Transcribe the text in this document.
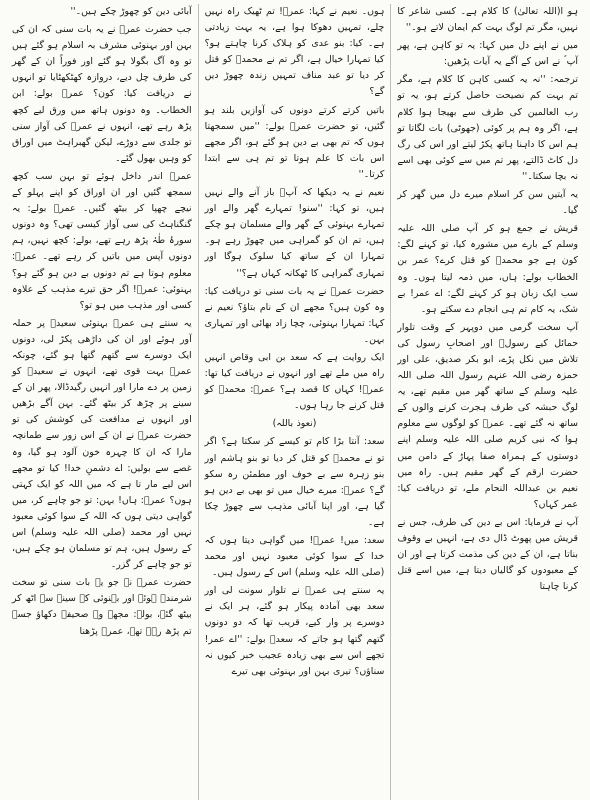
ہو ا(اللہ تعالیٰ) کا کلام ہے۔ کسی شاعر کا نہیں، مگر تم لوگ بہت کم ایمان لاتے ہو۔''

میں نے اپنے دل میں کہا: یہ تو کاہن ہے، پھر آپ ؐ نے اس کے آگے یہ آیات پڑھیں:

ترجمہ: ''نہ یہ کسی کاہن کا کلام ہے، مگر تم بہت کم نصیحت حاصل کرتے ہو، یہ تو رب العالمین کی طرف سے بھیجا ہوا کلام ہے، اگر وہ ہم پر کوئی (جھوٹی) بات لگاتا تو ہم اس کا داہنا ہاتھ پکڑ لیتے اور اس کی رگ دل کاٹ ڈالتے، پھر تم میں سے کوئی بھی اسے نہ بچا سکتا۔''

یہ آیتیں سن کر اسلام میرے دل میں گھر کر گیا۔

قریش نے جمع ہو کر آپ صلی اللہ علیہ وسلم کے بارے میں مشورہ کیا، تو کہنے لگے: کون ہے جو محمدؐ کو قتل کرے؟ عمر بن الخطاب بولے: ہاں، میں ذمہ لیتا ہوں۔ وہ سب ایک زبان ہو کر کہنے لگے: اے عمر! بے شک، یہ کام تم ہی انجام دے سکتے ہو۔

آپ سخت گرمی میں دوپہر کے وقت تلوار حمائل کیے رسولؐ اور اصحابِ رسول کی تلاش میں نکل پڑے، ابو بکر صدیق، علی اور حمزہ رضی اللہ عنہم رسول اللہ صلی اللہ علیہ وسلم کے ساتھ گھر میں مقیم تھے، یہ لوگ حبشہ کی طرف ہجرت کرنے والوں کے ساتھ نہ گئے تھے۔ عمرؓ کو لوگوں سے معلوم ہوا کہ نبی کریم صلی اللہ علیہ وسلم اپنے دوستوں کے ہمراہ صفا پہاڑ کے دامن میں حضرت ارقم کے گھر مقیم ہیں۔ راہ میں نعیم بن عبداللہ النحام ملے، تو دریافت کیا: عمر کہاں؟

آپ نے فرمایا: اس بے دین کی طرف، جس نے قریش میں پھوٹ ڈال دی ہے، انہیں بے وقوف بناتا ہے، ان کے دین کی مذمت کرتا ہے اور ان کے معبودوں کو گالیاں دیتا ہے، میں اسے قتل کرنا چاہتا

ہوں۔ نعیم نے کہا: عمرؓ! تم ٹھیک راہ نہیں چلے، تمہیں دھوکا ہوا ہے، یہ بہت زیادتی ہے۔ کیا: بنو عدی کو ہلاک کرنا چاہتے ہو؟ کیا تمہارا خیال ہے، اگر تم نے محمدؐ کو قتل کر دیا تو عبد مناف تمہیں زندہ چھوڑ دیں گے؟

باتیں کرتے کرتے دونوں کی آوازیں بلند ہو گئیں، تو حضرت عمرؓ بولے: ''میں سمجھتا ہوں کہ تم بھی بے دین ہو گئے ہو، اگر مجھے اس بات کا علم ہوتا تو تم ہی سے ابتدا کرتا۔''

نعیم نے یہ دیکھا کہ آپؓ باز آنے والے نہیں ہیں، تو کہا: ''سنو! تمہارے گھر والے اور تمہارے بہنوئی کے گھر والے مسلمان ہو چکے ہیں، تم ان کو گمراہی میں چھوڑ رہے ہو۔ تمہارا ان کے ساتھ کیا سلوک ہوگا اور تمہاری گمراہی کا ٹھکانہ کہاں ہے؟''

حضرت عمرؓ نے یہ بات سنی تو دریافت کیا: وہ کون ہیں؟ مجھے ان کے نام بتاؤ؟ نعیم نے کہا: تمہارا بہنوئی، چچا زاد بھائی اور تمہاری بہن۔

ایک روایت ہے کہ سعد بن ابی وقاص انہیں راہ میں ملے تھے اور انہوں نے دریافت کیا تھا: عمرؓ! کہاں کا قصد ہے؟ عمرؓ: محمدؐ کو قتل کرنے جا رہا ہوں۔

(نعوذ باللہ)

سعد: آنتا بڑا کام تو کیسے کر سکتا ہے؟ اگر تو نے محمدؐ کو قتل کر دیا تو بنو ہاشم اور بنو زہرہ سے بے خوف اور مطمئن رہ سکو گے؟ عمرؓ: میرے خیال میں تو بھی بے دین ہو گیا ہے، اور اپنا آبائی مذہب سے چھوڑ چکا ہے۔

سعد: میں! عمرؓ! میں گواہی دیتا ہوں کہ خدا کے سوا کوئی معبود نہیں اور محمد (صلی اللہ علیہ وسلم) اس کے رسول ہیں۔

یہ سنتے ہی عمرؓ نے تلوار سونت لی اور سعد بھی آمادہ پیکار ہو گئے، ہر ایک نے دوسرے پر وار کیے، قریب تھا کہ دو دونوں گتھم گتھا ہو جاتے کہ سعدؓ بولے: ''اے عمر! تجھے اس سے بھی زیادہ عجیب خبر کیوں نہ سناؤں؟ تیری بہن اور بہنوئی بھی تیرے

آبائی دین کو چھوڑ چکے ہیں۔''

جب حضرت عمرؓ نے یہ بات سنی کہ ان کی بہن اور بہنوئی مشرف بہ اسلام ہو گئے ہیں تو وہ آگ بگولا ہو گئے اور فوراً ان کے گھر کی طرف چل دیے، دروازہ کھٹکھٹایا تو انہوں نے دریافت کیا: کون؟ عمرؓ بولے: ابن الخطاب۔ وہ دونوں ہاتھ میں ورق لیے کچھ پڑھ رہے تھے، انہوں نے عمرؓ کی آواز سنی تو جلدی سے دوڑے، لیکن گھبراہٹ میں اوراق کو وہیں بھول گئے۔

عمرؓ اندر داخل ہوئے تو بہن سب کچھ سمجھ گئیں اور ان اوراق کو اپنے پہلو کے نیچے چھپا کر بیٹھ گئیں۔ عمرؓ بولے: یہ گنگناہٹ کی سی آواز کیسی تھی؟ وہ دونوں سورۂ طٰہٰ پڑھ رہے تھے، بولے: کچھ نہیں، ہم دونوں آپس میں باتیں کر رہے تھے۔ عمرؓ: معلوم ہوتا ہے تم دونوں بے دین ہو گئے ہو؟ بہنوئی: عمرؓ! اگر حق تیرے مذہب کے علاوہ کسی اور مذہب میں ہو تو؟

یہ سنتے ہی عمرؓ بہنوئی سعیدؓ پر حملہ آور ہوئے اور ان کی داڑھی پکڑ لی، دونوں ایک دوسرے سے گتھم گتھا ہو گئے، چونکہ عمرؓ بہت قوی تھے، انہوں نے سعیدؓ کو زمین پر دے مارا اور انہیں رگیدڈالا، پھر ان کے سینے پر چڑھ کر بیٹھ گئے۔ بہن آگے بڑھیں اور انہوں نے مدافعت کی کوشش کی تو حضرت عمرؓ نے ان کے اس زور سے طمانچہ مارا کہ ان کا چہرہ خون آلود ہو گیا، وہ غصے سے بولیں: اے دشمنِ خدا! کیا تو مجھے اس لیے مار تا ہے کہ میں اللہ کو ایک کہتی ہوں؟ عمرؓ: ہاں! بہن: تو جو چاہے کر، میں گواہی دیتی ہوں کہ اللہ کے سوا کوئی معبود نہیں اور محمد (صلی اللہ علیہ وسلم) اس کے رسول ہیں، ہم تو مسلمان ہو چکے ہیں، تو جو چاہے کر گزر۔

حضرت عمرؓ نے جو یہ بات سنی تو سخت شرمندہ ہوئے اور بہنوئی کے سینے سے اٹھ کر بیٹھ گئے، بولے: مجھے وہ صحیفہ دکھاؤ جسے تم پڑھ رہے تھے، عمرؓ پڑھنا
